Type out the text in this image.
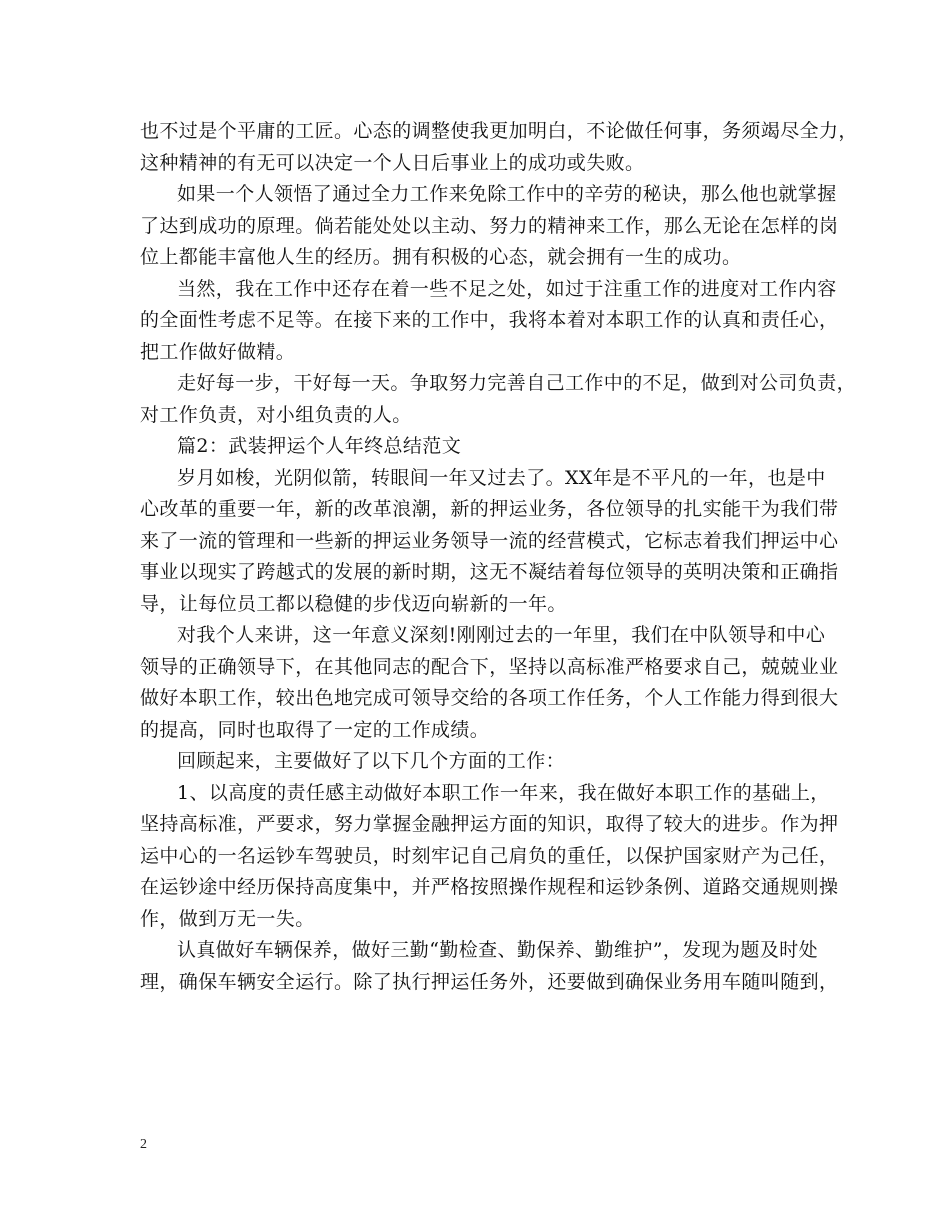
也不过是个平庸的工匠。心态的调整使我更加明白，不论做任何事，务须竭尽全力，
这种精神的有无可以决定一个人日后事业上的成功或失败。
如果一个人领悟了通过全力工作来免除工作中的辛劳的秘诀，那么他也就掌握
了达到成功的原理。倘若能处处以主动、努力的精神来工作，那么无论在怎样的岗
位上都能丰富他人生的经历。拥有积极的心态，就会拥有一生的成功。
当然，我在工作中还存在着一些不足之处，如过于注重工作的进度对工作内容
的全面性考虑不足等。在接下来的工作中，我将本着对本职工作的认真和责任心，
把工作做好做精。
走好每一步，干好每一天。争取努力完善自己工作中的不足，做到对公司负责，
对工作负责，对小组负责的人。
篇2：武装押运个人年终总结范文
岁月如梭，光阴似箭，转眼间一年又过去了。XX年是不平凡的一年，也是中
心改革的重要一年，新的改革浪潮，新的押运业务，各位领导的扎实能干为我们带
来了一流的管理和一些新的押运业务领导一流的经营模式，它标志着我们押运中心
事业以现实了跨越式的发展的新时期，这无不凝结着每位领导的英明决策和正确指
导，让每位员工都以稳健的步伐迈向崭新的一年。
对我个人来讲，这一年意义深刻!刚刚过去的一年里，我们在中队领导和中心
领导的正确领导下，在其他同志的配合下，坚持以高标准严格要求自己，兢兢业业
做好本职工作，较出色地完成可领导交给的各项工作任务，个人工作能力得到很大
的提高，同时也取得了一定的工作成绩。
回顾起来，主要做好了以下几个方面的工作：
1、以高度的责任感主动做好本职工作一年来，我在做好本职工作的基础上，
坚持高标准，严要求，努力掌握金融押运方面的知识，取得了较大的进步。作为押
运中心的一名运钞车驾驶员，时刻牢记自己肩负的重任，以保护国家财产为己任，
在运钞途中经历保持高度集中，并严格按照操作规程和运钞条例、道路交通规则操
作，做到万无一失。
认真做好车辆保养，做好三勤“勤检查、勤保养、勤维护”，发现为题及时处
理，确保车辆安全运行。除了执行押运任务外，还要做到确保业务用车随叫随到，
2
